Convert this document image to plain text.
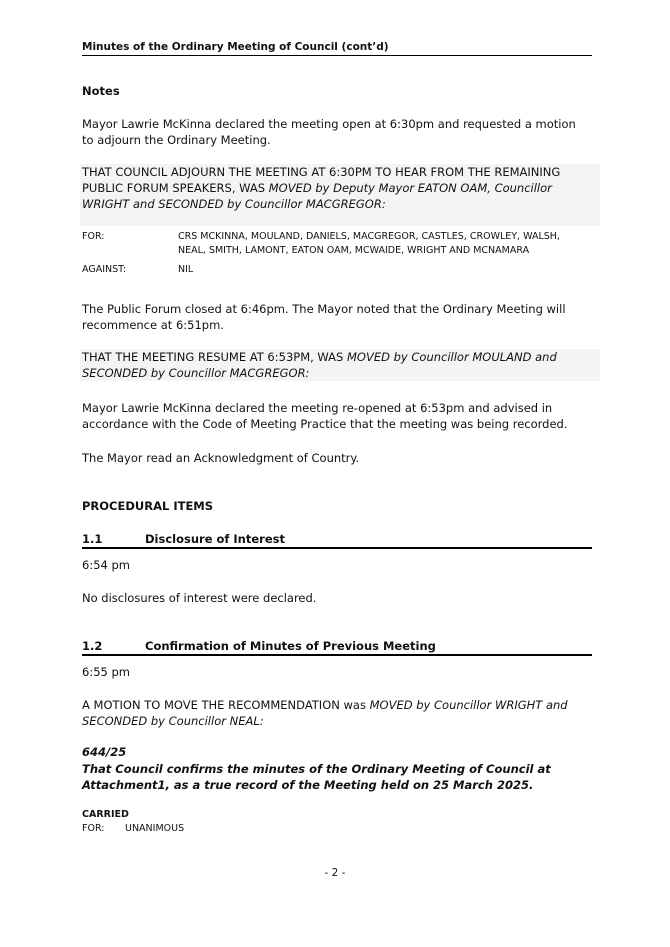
Minutes of the Ordinary Meeting of Council (cont’d)
Notes
Mayor Lawrie McKinna declared the meeting open at 6:30pm and requested a motion to adjourn the Ordinary Meeting.
THAT COUNCIL ADJOURN THE MEETING AT 6:30PM TO HEAR FROM THE REMAINING PUBLIC FORUM SPEAKERS, WAS MOVED by Deputy Mayor EATON OAM, Councillor WRIGHT and SECONDED by Councillor MACGREGOR:
FOR:	CRS MCKINNA, MOULAND, DANIELS, MACGREGOR, CASTLES, CROWLEY, WALSH, NEAL, SMITH, LAMONT, EATON OAM, MCWAIDE, WRIGHT AND MCNAMARA
AGAINST:	NIL
The Public Forum closed at 6:46pm. The Mayor noted that the Ordinary Meeting will recommence at 6:51pm.
THAT THE MEETING RESUME AT 6:53PM, WAS MOVED by Councillor MOULAND and SECONDED by Councillor MACGREGOR:
Mayor Lawrie McKinna declared the meeting re-opened at 6:53pm and advised in accordance with the Code of Meeting Practice that the meeting was being recorded.
The Mayor read an Acknowledgment of Country.
PROCEDURAL ITEMS
1.1	Disclosure of Interest
6:54 pm
No disclosures of interest were declared.
1.2	Confirmation of Minutes of Previous Meeting
6:55 pm
A MOTION TO MOVE THE RECOMMENDATION was MOVED by Councillor WRIGHT and SECONDED by Councillor NEAL:
644/25
That Council confirms the minutes of the Ordinary Meeting of Council at Attachment1, as a true record of the Meeting held on 25 March 2025.
CARRIED
FOR: UNANIMOUS
- 2 -
